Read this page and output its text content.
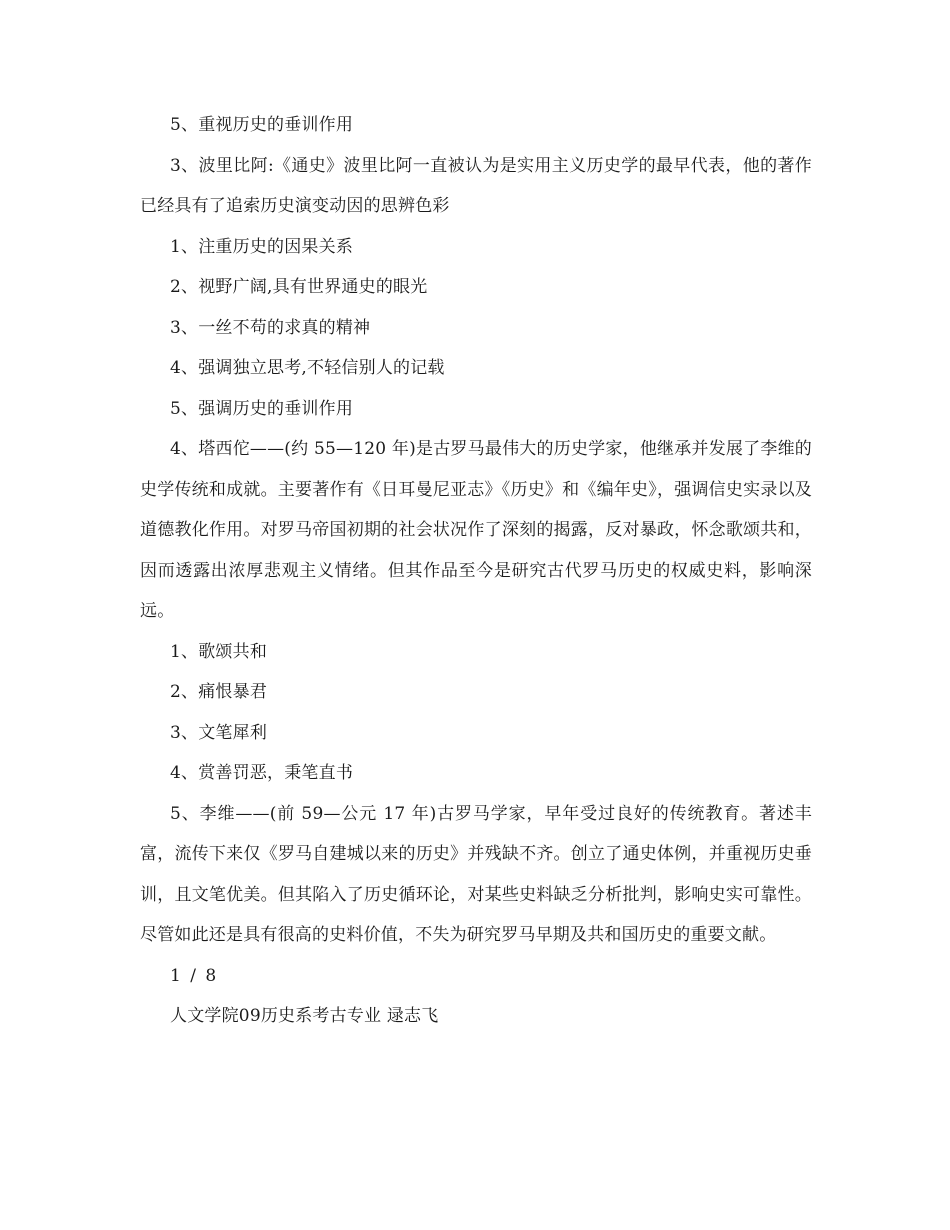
5、重视历史的垂训作用

3、波里比阿:《通史》波里比阿一直被认为是实用主义历史学的最早代表，他的著作已经具有了追索历史演变动因的思辨色彩

1、注重历史的因果关系

2、视野广阔,具有世界通史的眼光

3、一丝不苟的求真的精神

4、强调独立思考,不轻信别人的记载

5、强调历史的垂训作用

4、塔西佗——(约 55—120 年)是古罗马最伟大的历史学家，他继承并发展了李维的史学传统和成就。主要著作有《日耳曼尼亚志》《历史》和《编年史》，强调信史实录以及道德教化作用。对罗马帝国初期的社会状况作了深刻的揭露，反对暴政，怀念歌颂共和，因而透露出浓厚悲观主义情绪。但其作品至今是研究古代罗马历史的权威史料，影响深远。

1、歌颂共和

2、痛恨暴君

3、文笔犀利

4、赏善罚恶，秉笔直书

5、李维——(前 59—公元 17 年)古罗马学家，早年受过良好的传统教育。著述丰富，流传下来仅《罗马自建城以来的历史》并残缺不齐。创立了通史体例，并重视历史垂训，且文笔优美。但其陷入了历史循环论，对某些史料缺乏分析批判，影响史实可靠性。尽管如此还是具有很高的史料价值，不失为研究罗马早期及共和国历史的重要文献。

1 / 8

人文学院09历史系考古专业 逯志飞
